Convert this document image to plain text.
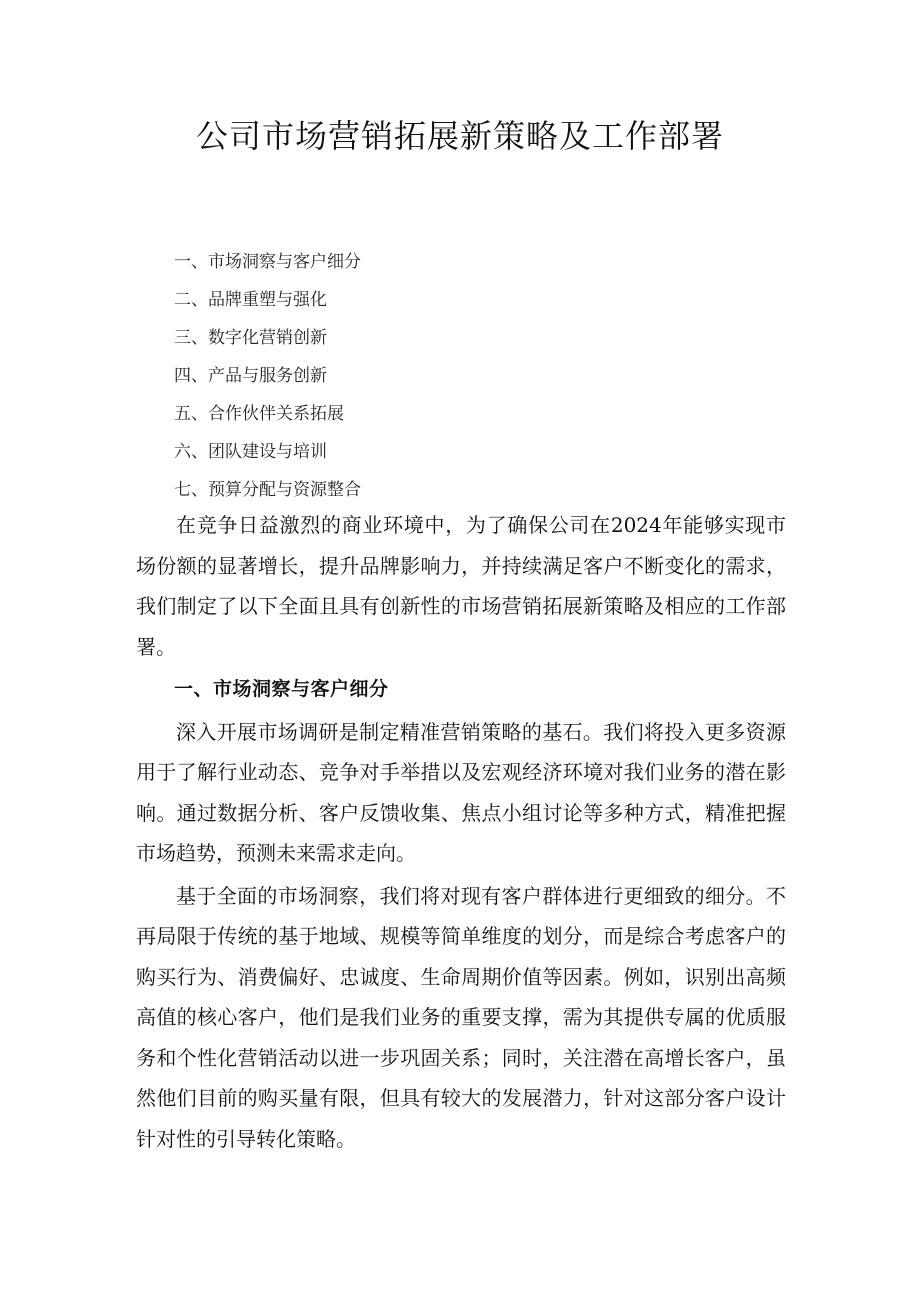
公司市场营销拓展新策略及工作部署
一、市场洞察与客户细分
二、品牌重塑与强化
三、数字化营销创新
四、产品与服务创新
五、合作伙伴关系拓展
六、团队建设与培训
七、预算分配与资源整合

在竞争日益激烈的商业环境中，为了确保公司在2024年能够实现市场份额的显著增长，提升品牌影响力，并持续满足客户不断变化的需求，我们制定了以下全面且具有创新性的市场营销拓展新策略及相应的工作部署。

一、市场洞察与客户细分

深入开展市场调研是制定精准营销策略的基石。我们将投入更多资源用于了解行业动态、竞争对手举措以及宏观经济环境对我们业务的潜在影响。通过数据分析、客户反馈收集、焦点小组讨论等多种方式，精准把握市场趋势，预测未来需求走向。

基于全面的市场洞察，我们将对现有客户群体进行更细致的细分。不再局限于传统的基于地域、规模等简单维度的划分，而是综合考虑客户的购买行为、消费偏好、忠诚度、生命周期价值等因素。例如，识别出高频高值的核心客户，他们是我们业务的重要支撑，需为其提供专属的优质服务和个性化营销活动以进一步巩固关系；同时，关注潜在高增长客户，虽然他们目前的购买量有限，但具有较大的发展潜力，针对这部分客户设计针对性的引导转化策略。
